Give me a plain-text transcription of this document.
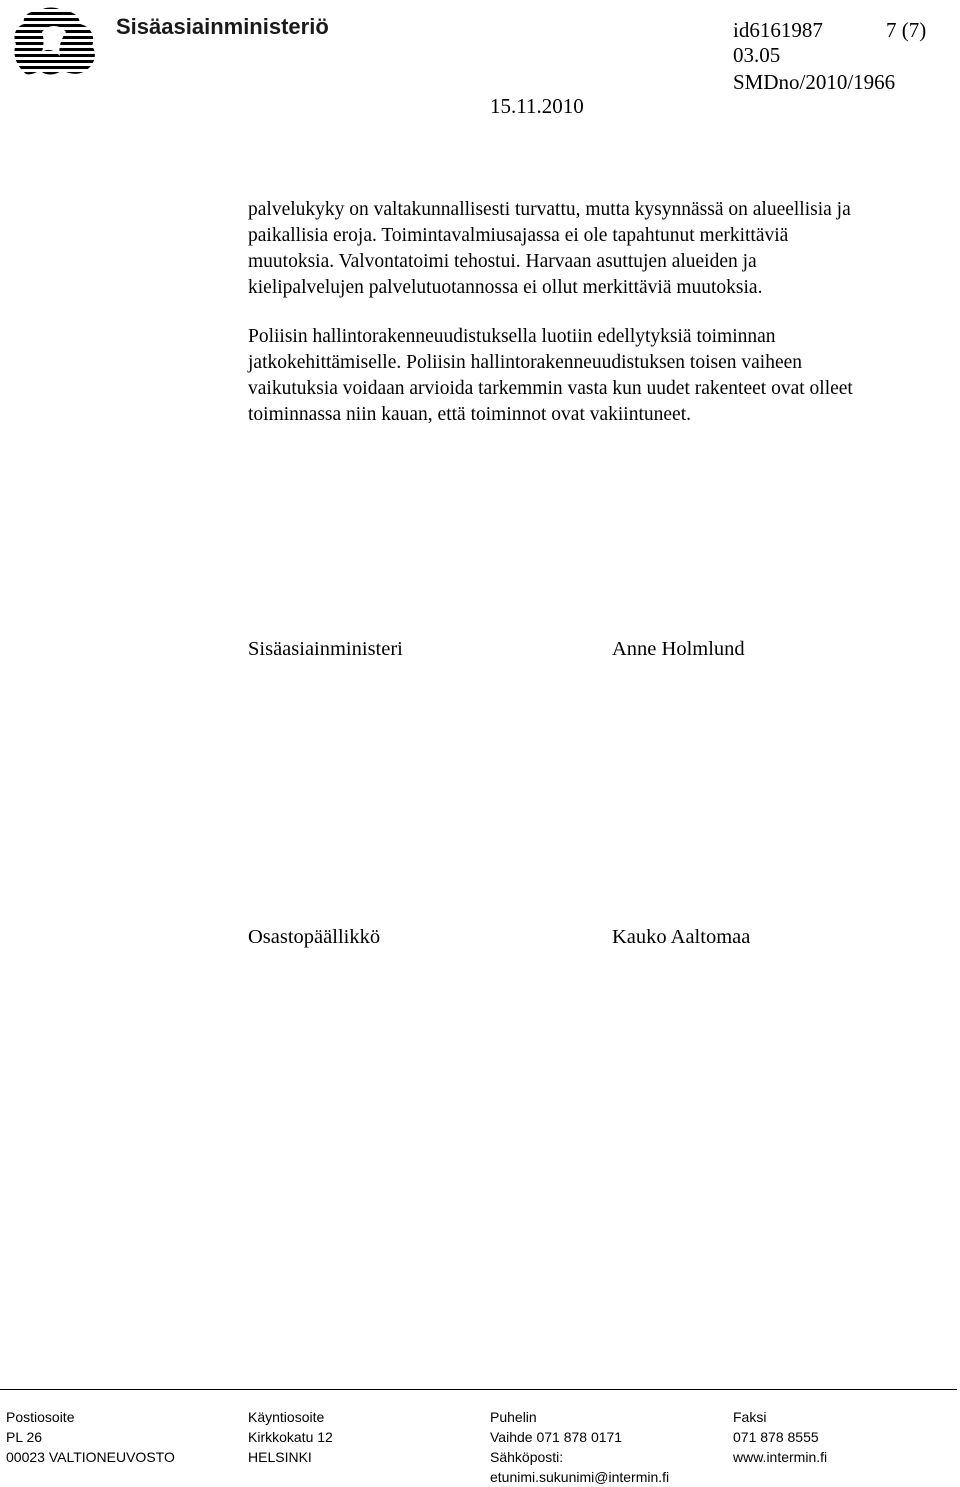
Sisäasiainministeriö	id6161987	7 (7)
03.05
SMDno/2010/1966
15.11.2010
palvelukyky on valtakunnallisesti turvattu, mutta kysynnässä on alueellisia ja
paikallisia eroja. Toimintavalmiusajassa ei ole tapahtunut merkittäviä
muutoksia. Valvontatoimi tehostui. Harvaan asuttujen alueiden ja
kielipalvelujen palvelutuotannossa ei ollut merkittäviä muutoksia.
Poliisin hallintorakenneuudistuksella luotiin edellytyksiä toiminnan
jatkokehittämiselle. Poliisin hallintorakenneuudistuksen toisen vaiheen
vaikutuksia voidaan arvioida tarkemmin vasta kun uudet rakenteet ovat olleet
toiminnassa niin kauan, että toiminnot ovat vakiintuneet.
Sisäasiainministeri	Anne Holmlund
Osastopäällikkö	Kauko Aaltomaa
Postiosoite
PL 26
00023 VALTIONEUVOSTO
Käyntiosoite
Kirkkokatu 12
HELSINKI
Puhelin
Vaihde 071 878 0171
Sähköposti:
etunimi.sukunimi@intermin.fi
Faksi
071 878 8555
www.intermin.fi
